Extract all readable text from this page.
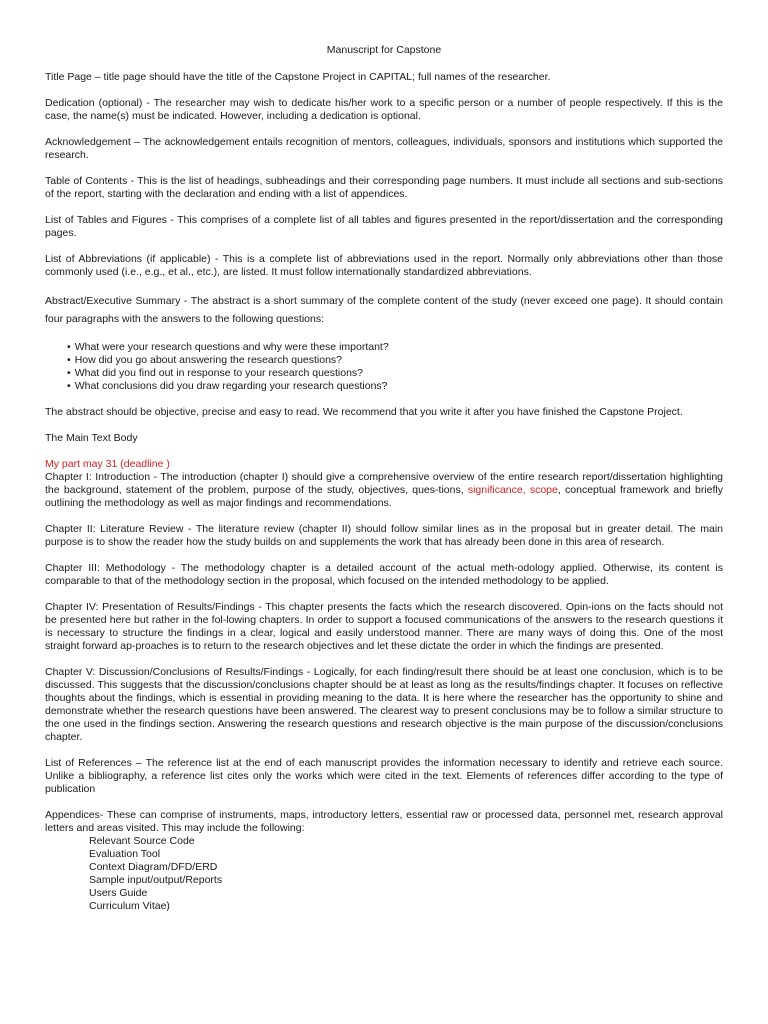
Manuscript for Capstone

Title Page – title page should have the title of the Capstone Project in CAPITAL; full names of the researcher.

Dedication (optional) - The researcher may wish to dedicate his/her work to a specific person or a number of people respectively. If this is the case, the name(s) must be indicated. However, including a dedication is optional.

Acknowledgement – The acknowledgement entails recognition of mentors, colleagues, individuals, sponsors and institutions which supported the research.

Table of Contents - This is the list of headings, subheadings and their corresponding page numbers. It must include all sections and sub-sections of the report, starting with the declaration and ending with a list of appendices.

List of Tables and Figures - This comprises of a complete list of all tables and figures presented in the report/dissertation and the corresponding pages.

List of Abbreviations (if applicable) - This is a complete list of abbreviations used in the report. Normally only abbreviations other than those commonly used (i.e., e.g., et al., etc.), are listed. It must follow internationally standardized abbreviations.

Abstract/Executive Summary - The abstract is a short summary of the complete content of the study (never exceed one page). It should contain four paragraphs with the answers to the following questions:

• What were your research questions and why were these important?
• How did you go about answering the research questions?
• What did you find out in response to your research questions?
• What conclusions did you draw regarding your research questions?

The abstract should be objective, precise and easy to read. We recommend that you write it after you have finished the Capstone Project.

The Main Text Body

My part may 31 (deadline )

Chapter I: Introduction - The introduction (chapter I) should give a comprehensive overview of the entire research report/dissertation highlighting the background, statement of the problem, purpose of the study, objectives, ques-tions, significance, scope, conceptual framework and briefly outlining the methodology as well as major findings and recommendations.

Chapter II: Literature Review - The literature review (chapter II) should follow similar lines as in the proposal but in greater detail. The main purpose is to show the reader how the study builds on and supplements the work that has already been done in this area of research.

Chapter III: Methodology - The methodology chapter is a detailed account of the actual meth-odology applied. Otherwise, its content is comparable to that of the methodology section in the proposal, which focused on the intended methodology to be applied.

Chapter IV: Presentation of Results/Findings - This chapter presents the facts which the research discovered. Opin-ions on the facts should not be presented here but rather in the fol-lowing chapters. In order to support a focused communications of the answers to the research questions it is necessary to structure the findings in a clear, logical and easily understood manner. There are many ways of doing this. One of the most straight forward ap-proaches is to return to the research objectives and let these dictate the order in which the findings are presented.

Chapter V: Discussion/Conclusions of Results/Findings - Logically, for each finding/result there should be at least one conclusion, which is to be discussed. This suggests that the discussion/conclusions chapter should be at least as long as the results/findings chapter. It focuses on reflective thoughts about the findings, which is essential in providing meaning to the data. It is here where the researcher has the opportunity to shine and demonstrate whether the research questions have been answered. The clearest way to present conclusions may be to follow a similar structure to the one used in the findings section. Answering the research questions and research objective is the main purpose of the discussion/conclusions chapter.

List of References – The reference list at the end of each manuscript provides the information necessary to identify and retrieve each source. Unlike a bibliography, a reference list cites only the works which were cited in the text. Elements of references differ according to the type of publication

Appendices- These can comprise of instruments, maps, introductory letters, essential raw or processed data, personnel met, research approval letters and areas visited. This may include the following:
Relevant Source Code
Evaluation Tool
Context Diagram/DFD/ERD
Sample input/output/Reports
Users Guide
Curriculum Vitae)
